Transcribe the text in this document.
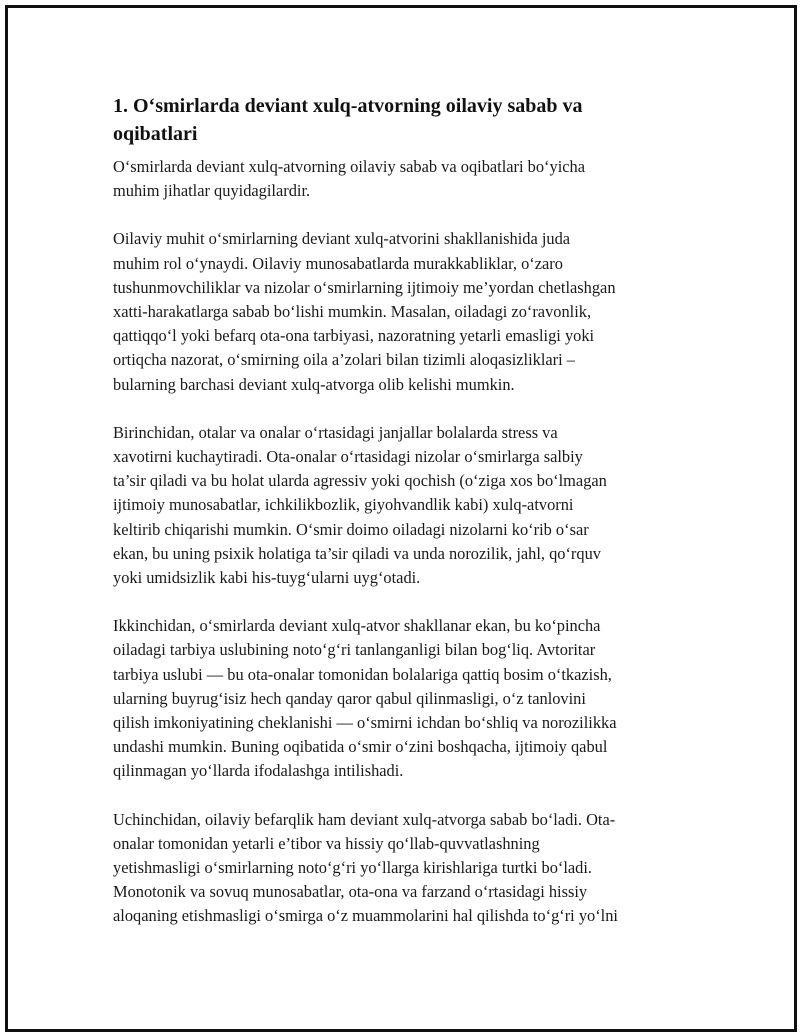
1. O‘smirlarda deviant xulq-atvorning oilaviy sabab va
oqibatlari

O‘smirlarda deviant xulq-atvorning oilaviy sabab va oqibatlari bo‘yicha
muhim jihatlar quyidagilardir.

Oilaviy muhit o‘smirlarning deviant xulq-atvorini shakllanishida juda
muhim rol o‘ynaydi. Oilaviy munosabatlarda murakkabliklar, o‘zaro
tushunmovchiliklar va nizolar o‘smirlarning ijtimoiy me’yordan chetlashgan
xatti-harakatlarga sabab bo‘lishi mumkin. Masalan, oiladagi zo‘ravonlik,
qattiqqo‘l yoki befarq ota-ona tarbiyasi, nazoratning yetarli emasligi yoki
ortiqcha nazorat, o‘smirning oila a’zolari bilan tizimli aloqasizliklari –
bularning barchasi deviant xulq-atvorga olib kelishi mumkin.

Birinchidan, otalar va onalar o‘rtasidagi janjallar bolalarda stress va
xavotirni kuchaytiradi. Ota-onalar o‘rtasidagi nizolar o‘smirlarga salbiy
ta’sir qiladi va bu holat ularda agressiv yoki qochish (o‘ziga xos bo‘lmagan
ijtimoiy munosabatlar, ichkilikbozlik, giyohvandlik kabi) xulq-atvorni
keltirib chiqarishi mumkin. O‘smir doimo oiladagi nizolarni ko‘rib o‘sar
ekan, bu uning psixik holatiga ta’sir qiladi va unda norozilik, jahl, qo‘rquv
yoki umidsizlik kabi his-tuyg‘ularni uyg‘otadi.

Ikkinchidan, o‘smirlarda deviant xulq-atvor shakllanar ekan, bu ko‘pincha
oiladagi tarbiya uslubining noto‘g‘ri tanlanganligi bilan bog‘liq. Avtoritar
tarbiya uslubi — bu ota-onalar tomonidan bolalariga qattiq bosim o‘tkazish,
ularning buyrug‘isiz hech qanday qaror qabul qilinmasligi, o‘z tanlovini
qilish imkoniyatining cheklanishi — o‘smirni ichdan bo‘shliq va norozilikka
undashi mumkin. Buning oqibatida o‘smir o‘zini boshqacha, ijtimoiy qabul
qilinmagan yo‘llarda ifodalashga intilishadi.

Uchinchidan, oilaviy befarqlik ham deviant xulq-atvorga sabab bo‘ladi. Ota-
onalar tomonidan yetarli e’tibor va hissiy qo‘llab-quvvatlashning
yetishmasligi o‘smirlarning noto‘g‘ri yo‘llarga kirishlariga turtki bo‘ladi.
Monotonik va sovuq munosabatlar, ota-ona va farzand o‘rtasidagi hissiy
aloqaning etishmasligi o‘smirga o‘z muammolarini hal qilishda to‘g‘ri yo‘lni
